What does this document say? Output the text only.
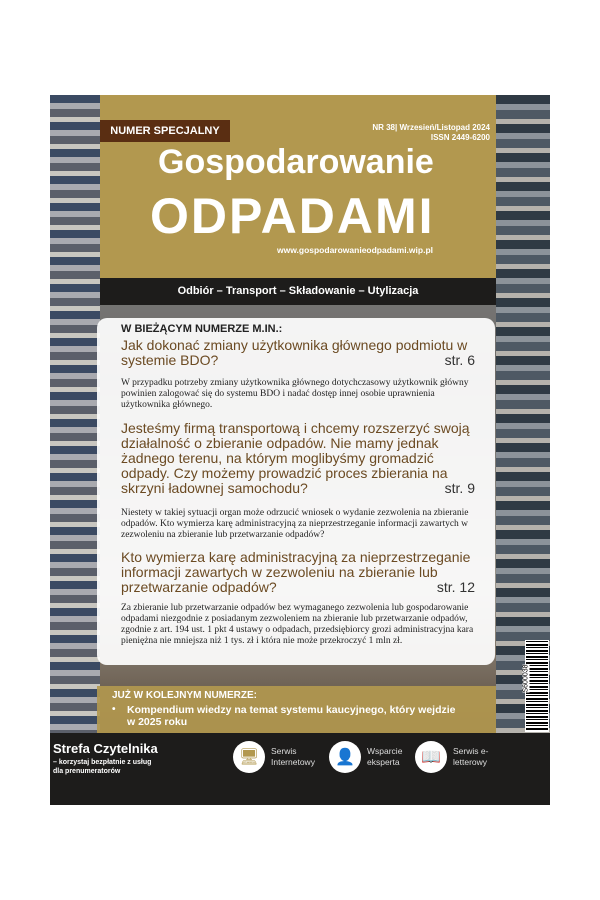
NUMER SPECJALNY	NR 38| Wrzesień/Listopad 2024
ISSN 2449-6200
Gospodarowanie
ODPADAMI
www.gospodarowanieodpadami.wip.pl
Odbiór – Transport – Składowanie – Utylizacja
W BIEŻĄCYM NUMERZE M.IN.:
Jak dokonać zmiany użytkownika głównego podmiotu w systemie BDO?	str. 6
W przypadku potrzeby zmiany użytkownika głównego dotychczasowy użytkownik główny powinien zalogować się do systemu BDO i nadać dostęp innej osobie uprawnienia użytkownika głównego.
Jesteśmy firmą transportową i chcemy rozszerzyć swoją działalność o zbieranie odpadów. Nie mamy jednak żadnego terenu, na którym moglibyśmy gromadzić odpady. Czy możemy prowadzić proces zbierania na skrzyni ładownej samochodu?	str. 9
Niestety w takiej sytuacji organ może odrzucić wniosek o wydanie zezwolenia na zbieranie odpadów. Kto wymierza karę administracyjną za nieprzestrzeganie informacji zawartych w zezwoleniu na zbieranie lub przetwarzanie odpadów?
Kto wymierza karę administracyjną za nieprzestrzeganie informacji zawartych w zezwoleniu na zbieranie lub przetwarzanie odpadów?	str. 12
Za zbieranie lub przetwarzanie odpadów bez wymaganego zezwolenia lub gospodarowanie odpadami niezgodnie z posiadanym zezwoleniem na zbieranie lub przetwarzanie odpadów, zgodnie z art. 194 ust. 1 pkt 4 ustawy o odpadach, przedsiębiorcy grozi administracyjna kara pieniężna nie mniejsza niż 1 tys. zł i która nie może przekroczyć 1 mln zł.
JUŻ W KOLEJNYM NUMERZE:
• Kompendium wiedzy na temat systemu kaucyjnego, który wejdzie w 2025 roku
S600038
Strefa Czytelnika
– korzystaj bezpłatnie z usług dla prenumeratorów
🖥	Serwis Internetowy	👤	Wsparcie eksperta	📖	Serwis e-letterowy
